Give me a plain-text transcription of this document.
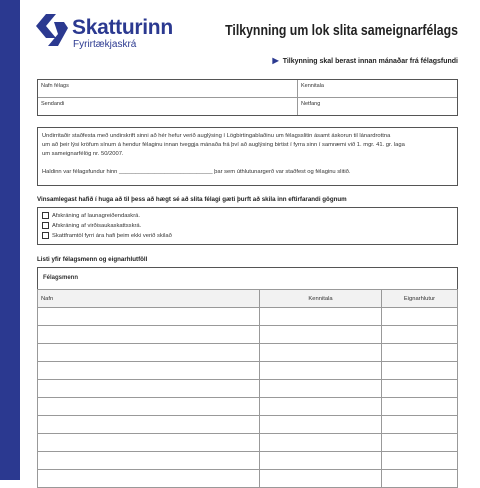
Skatturinn
Fyrirtækjaskrá
Tilkynning um lok slita sameignarfélags
▶ Tilkynning skal berast innan mánaðar frá félagsfundi
Nafn félags	Kennitala
Sendandi	Netfang
Undirritaðir staðfesta með undirskrift sinni að hér hefur verið auglýsing í Lögbirtingablaðinu um félagsslitin ásamt áskorun til lánardrottna
um að þeir lýsi kröfum sínum á hendur félaginu innan tveggja mánaða frá því að auglýsing birtist í fyrra sinn í samræmi við 1. mgr. 41. gr. laga
um sameignarfélög nr. 50/2007.
Haldinn var félagsfundur hinn _____________________________ þar sem úthlutunargerð var staðfest og félaginu slitið.
Vinsamlegast hafið í huga að til þess að hægt sé að slita félagi gæti þurft að skila inn eftirfarandi gögnum
Afskráning af launagreiðendaskrá.
Afskráning af virðisaukaskattsskrá.
Skattframtöl fyrri ára hafi þeim ekki verið skilað
Listi yfir félagsmenn og eignarhlutföll
Félagsmenn
Nafn	Kennitala	Eignarhlutur
